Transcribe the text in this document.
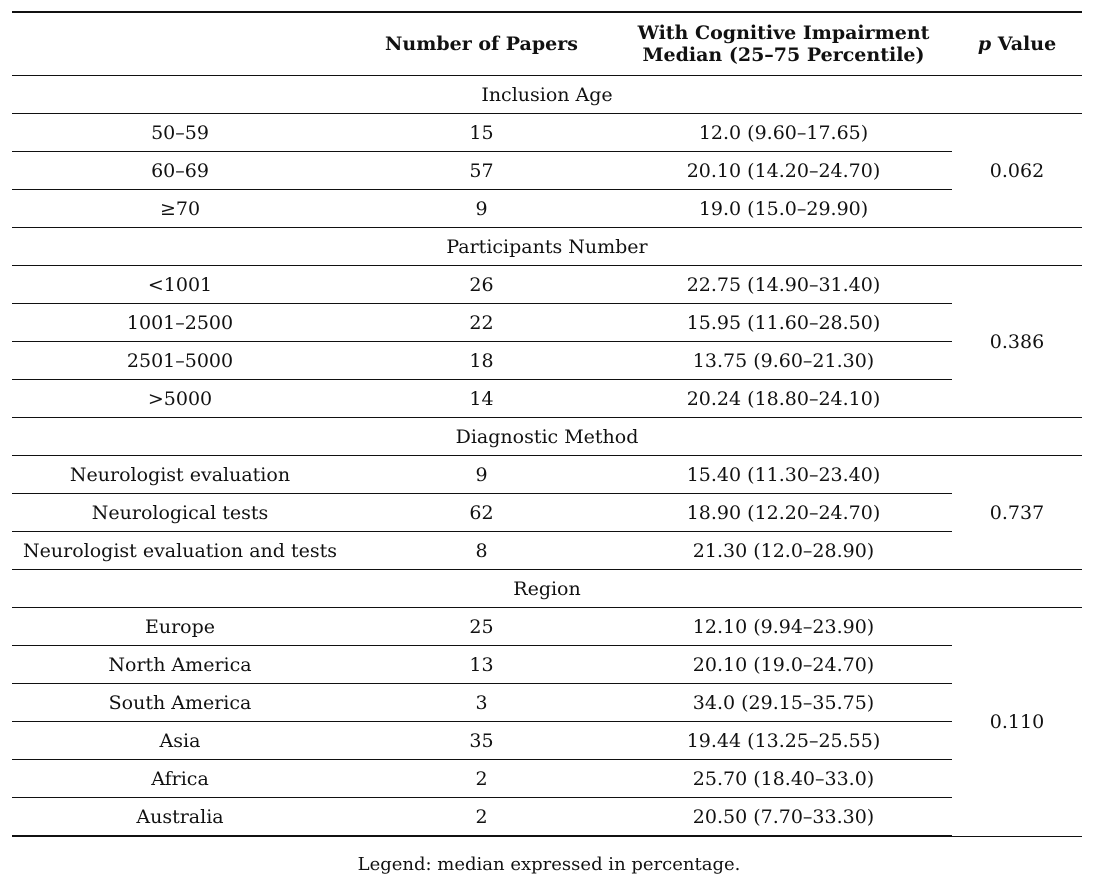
	Number of Papers	With Cognitive Impairment
Median (25–75 Percentile)	p Value
Inclusion Age			
50–59	15	12.0 (9.60–17.65)	0.062
60–69	57	20.10 (14.20–24.70)	
≥70	9	19.0 (15.0–29.90)	
Participants Number			
<1001	26	22.75 (14.90–31.40)	0.386
1001–2500	22	15.95 (11.60–28.50)	
2501–5000	18	13.75 (9.60–21.30)	
>5000	14	20.24 (18.80–24.10)	
Diagnostic Method			
Neurologist evaluation	9	15.40 (11.30–23.40)	0.737
Neurological tests	62	18.90 (12.20–24.70)	
Neurologist evaluation and tests	8	21.30 (12.0–28.90)	
Region			
Europe	25	12.10 (9.94–23.90)	0.110
North America	13	20.10 (19.0–24.70)	
South America	3	34.0 (29.15–35.75)	
Asia	35	19.44 (13.25–25.55)	
Africa	2	25.70 (18.40–33.0)	
Australia	2	20.50 (7.70–33.30)	
Legend: median expressed in percentage.
